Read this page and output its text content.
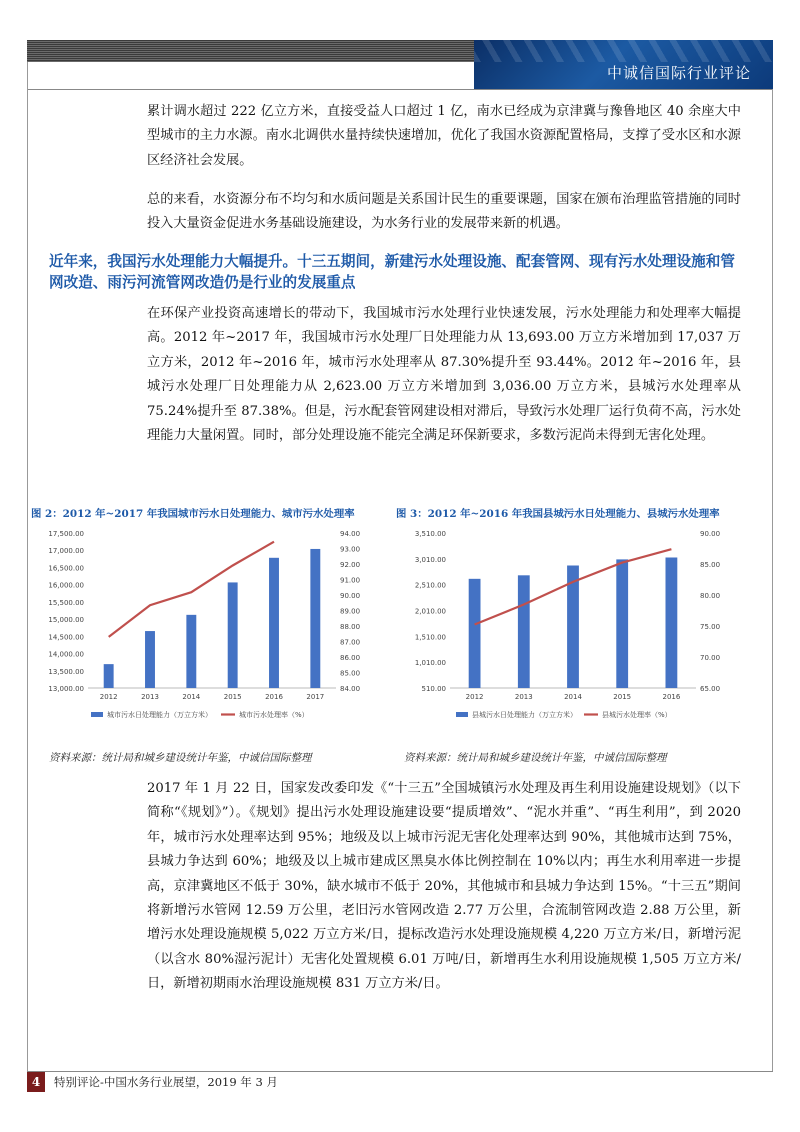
中诚信国际行业评论

累计调水超过 222 亿立方米，直接受益人口超过 1 亿，南水已经成为京津冀与豫鲁地区 40 余座大中型城市的主力水源。南水北调供水量持续快速增加，优化了我国水资源配置格局，支撑了受水区和水源区经济社会发展。

总的来看，水资源分布不均匀和水质问题是关系国计民生的重要课题，国家在颁布治理监管措施的同时投入大量资金促进水务基础设施建设，为水务行业的发展带来新的机遇。

近年来，我国污水处理能力大幅提升。十三五期间，新建污水处理设施、配套管网、现有污水处理设施和管网改造、雨污河流管网改造仍是行业的发展重点

在环保产业投资高速增长的带动下，我国城市污水处理行业快速发展，污水处理能力和处理率大幅提高。2012 年~2017 年，我国城市污水处理厂日处理能力从 13,693.00 万立方米增加到 17,037 万立方米，2012 年~2016 年，城市污水处理率从 87.30%提升至 93.44%。2012 年~2016 年，县城污水处理厂日处理能力从 2,623.00 万立方米增加到 3,036.00 万立方米，县城污水处理率从 75.24%提升至 87.38%。但是，污水配套管网建设相对滞后，导致污水处理厂运行负荷不高，污水处理能力大量闲置。同时，部分处理设施不能完全满足环保新要求，多数污泥尚未得到无害化处理。

图 2：2012 年~2017 年我国城市污水日处理能力、城市污水处理率	图 3：2012 年~2016 年我国县城污水日处理能力、县城污水处理率
13,000.00
13,500.00
14,000.00
14,500.00
15,000.00
15,500.00
16,000.00
16,500.00
17,000.00
17,500.00
84.00
85.00
86.00
87.00
88.00
89.00
90.00
91.00
92.00
93.00
94.00
2012	2013	2014	2015	2016	2017
城市污水日处理能力（万立方米）	城市污水处理率（%）
510.00
1,010.00
1,510.00
2,010.00
2,510.00
3,010.00
3,510.00
65.00
70.00
75.00
80.00
85.00
90.00
2012	2013	2014	2015	2016
县城污水日处理能力（万立方米）	县城污水处理率（%）
资料来源：统计局和城乡建设统计年鉴，中诚信国际整理	资料来源：统计局和城乡建设统计年鉴，中诚信国际整理

2017 年 1 月 22 日，国家发改委印发《“十三五”全国城镇污水处理及再生利用设施建设规划》（以下简称“《规划》”）。《规划》提出污水处理设施建设要“提质增效”、“泥水并重”、“再生利用”，到 2020 年，城市污水处理率达到 95%；地级及以上城市污泥无害化处理率达到 90%，其他城市达到 75%，县城力争达到 60%；地级及以上城市建成区黑臭水体比例控制在 10%以内；再生水利用率进一步提高，京津冀地区不低于 30%，缺水城市不低于 20%，其他城市和县城力争达到 15%。“十三五”期间将新增污水管网 12.59 万公里，老旧污水管网改造 2.77 万公里，合流制管网改造 2.88 万公里，新增污水处理设施规模 5,022 万立方米/日，提标改造污水处理设施规模 4,220 万立方米/日，新增污泥（以含水 80%湿污泥计）无害化处置规模 6.01 万吨/日，新增再生水利用设施规模 1,505 万立方米/日，新增初期雨水治理设施规模 831 万立方米/日。

4	特别评论-中国水务行业展望，2019 年 3 月
